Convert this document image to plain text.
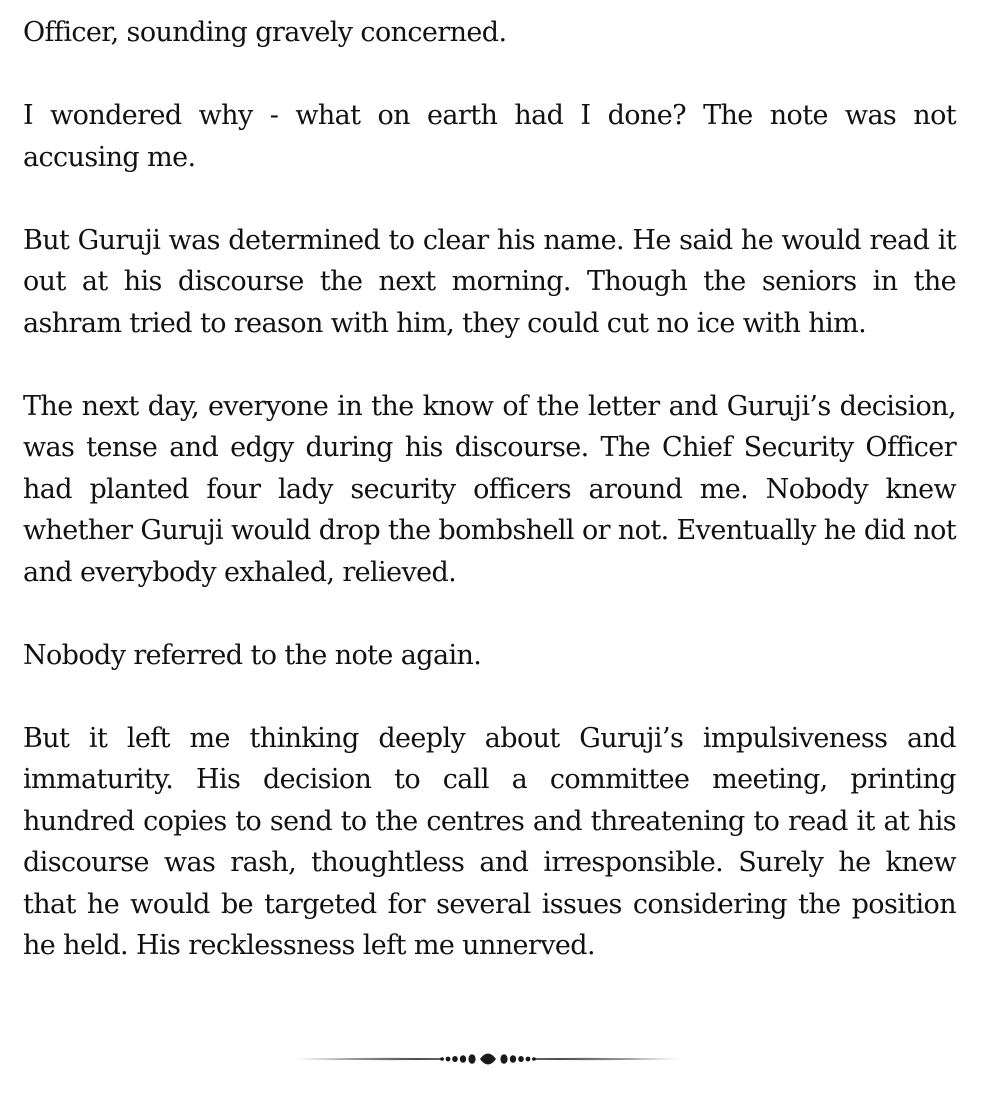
Officer, sounding gravely concerned.

I wondered why - what on earth had I done? The note was not accusing me.

But Guruji was determined to clear his name. He said he would read it out at his discourse the next morning. Though the seniors in the ashram tried to reason with him, they could cut no ice with him.

The next day, everyone in the know of the letter and Guruji’s decision, was tense and edgy during his discourse. The Chief Security Officer had planted four lady security officers around me. Nobody knew whether Guruji would drop the bombshell or not. Eventually he did not and everybody exhaled, relieved.

Nobody referred to the note again.

But it left me thinking deeply about Guruji’s impulsiveness and immaturity. His decision to call a committee meeting, printing hundred copies to send to the centres and threatening to read it at his discourse was rash, thoughtless and irresponsible. Surely he knew that he would be targeted for several issues considering the position he held. His recklessness left me unnerved.
